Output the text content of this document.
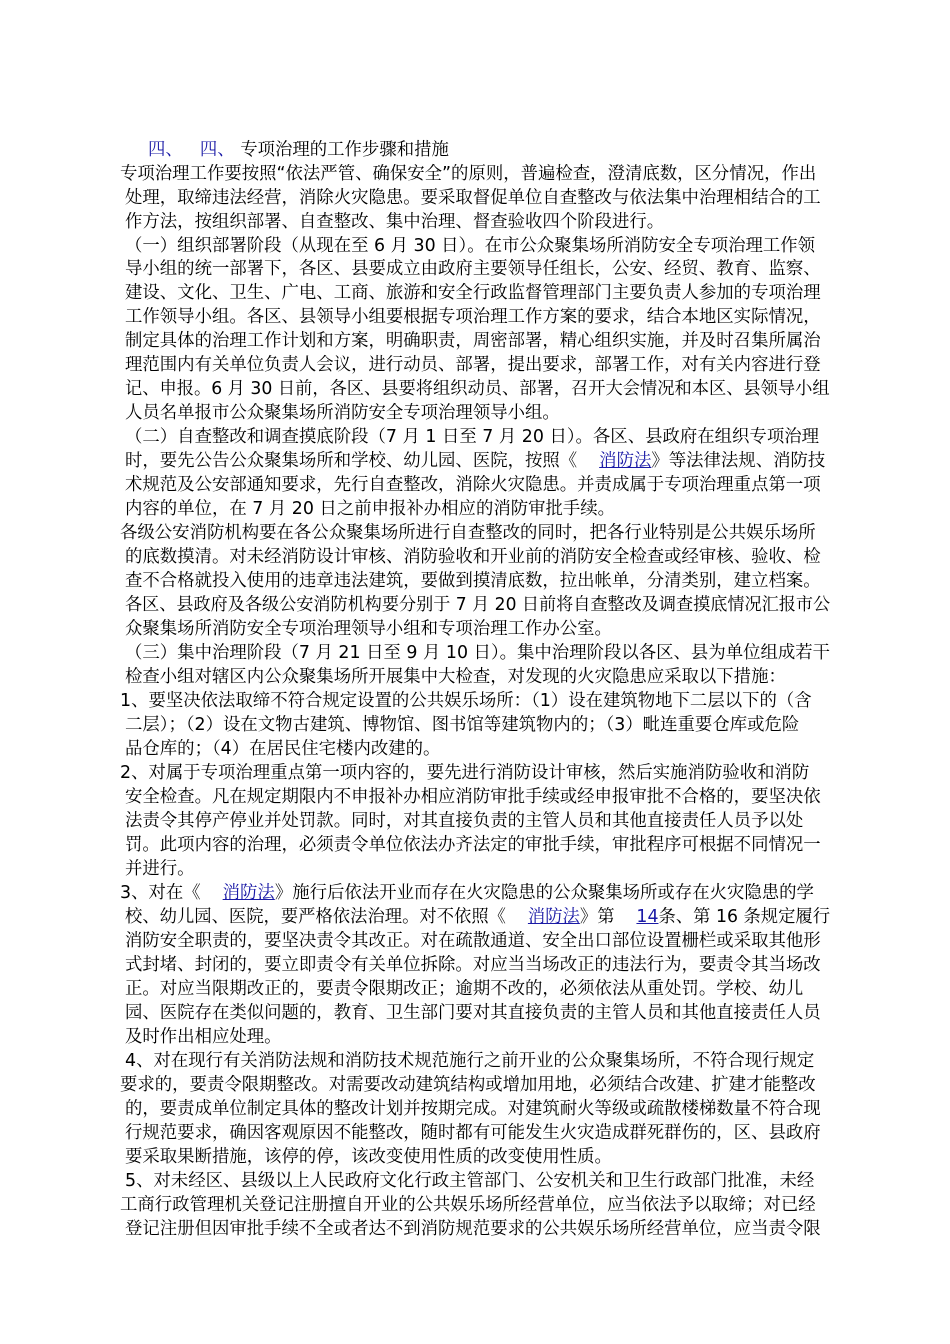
四、 四、 专项治理的工作步骤和措施
专项治理工作要按照“依法严管、确保安全”的原则，普遍检查，澄清底数，区分情况，作出
处理，取缔违法经营，消除火灾隐患。要采取督促单位自查整改与依法集中治理相结合的工
作方法，按组织部署、自查整改、集中治理、督查验收四个阶段进行。
（一）组织部署阶段（从现在至 6 月 30 日）。在市公众聚集场所消防安全专项治理工作领
导小组的统一部署下，各区、县要成立由政府主要领导任组长，公安、经贸、教育、监察、
建设、文化、卫生、广电、工商、旅游和安全行政监督管理部门主要负责人参加的专项治理
工作领导小组。各区、县领导小组要根据专项治理工作方案的要求，结合本地区实际情况，
制定具体的治理工作计划和方案，明确职责，周密部署，精心组织实施，并及时召集所属治
理范围内有关单位负责人会议，进行动员、部署，提出要求，部署工作，对有关内容进行登
记、申报。6 月 30 日前，各区、县要将组织动员、部署，召开大会情况和本区、县领导小组
人员名单报市公众聚集场所消防安全专项治理领导小组。
（二）自查整改和调查摸底阶段（7 月 1 日至 7 月 20 日）。各区、县政府在组织专项治理
时，要先公告公众聚集场所和学校、幼儿园、医院，按照《 消防法》等法律法规、消防技
术规范及公安部通知要求，先行自查整改，消除火灾隐患。并责成属于专项治理重点第一项
内容的单位，在 7 月 20 日之前申报补办相应的消防审批手续。
各级公安消防机构要在各公众聚集场所进行自查整改的同时，把各行业特别是公共娱乐场所
的底数摸清。对未经消防设计审核、消防验收和开业前的消防安全检查或经审核、验收、检
查不合格就投入使用的违章违法建筑，要做到摸清底数，拉出帐单，分清类别，建立档案。
各区、县政府及各级公安消防机构要分别于 7 月 20 日前将自查整改及调查摸底情况汇报市公
众聚集场所消防安全专项治理领导小组和专项治理工作办公室。
（三）集中治理阶段（7 月 21 日至 9 月 10 日）。集中治理阶段以各区、县为单位组成若干
检查小组对辖区内公众聚集场所开展集中大检查，对发现的火灾隐患应采取以下措施：
1、要坚决依法取缔不符合规定设置的公共娱乐场所：（1）设在建筑物地下二层以下的（含
二层）；（2）设在文物古建筑、博物馆、图书馆等建筑物内的；（3）毗连重要仓库或危险
品仓库的；（4）在居民住宅楼内改建的。
2、对属于专项治理重点第一项内容的，要先进行消防设计审核，然后实施消防验收和消防
安全检查。凡在规定期限内不申报补办相应消防审批手续或经申报审批不合格的，要坚决依
法责令其停产停业并处罚款。同时，对其直接负责的主管人员和其他直接责任人员予以处
罚。此项内容的治理，必须责令单位依法办齐法定的审批手续，审批程序可根据不同情况一
并进行。
3、对在《 消防法》施行后依法开业而存在火灾隐患的公众聚集场所或存在火灾隐患的学
校、幼儿园、医院，要严格依法治理。对不依照《 消防法》第 14条、第 16 条规定履行
消防安全职责的，要坚决责令其改正。对在疏散通道、安全出口部位设置栅栏或采取其他形
式封堵、封闭的，要立即责令有关单位拆除。对应当当场改正的违法行为，要责令其当场改
正。对应当限期改正的，要责令限期改正；逾期不改的，必须依法从重处罚。学校、幼儿
园、医院存在类似问题的，教育、卫生部门要对其直接负责的主管人员和其他直接责任人员
及时作出相应处理。
4、对在现行有关消防法规和消防技术规范施行之前开业的公众聚集场所，不符合现行规定
要求的，要责令限期整改。对需要改动建筑结构或增加用地，必须结合改建、扩建才能整改
的，要责成单位制定具体的整改计划并按期完成。对建筑耐火等级或疏散楼梯数量不符合现
行规范要求，确因客观原因不能整改，随时都有可能发生火灾造成群死群伤的，区、县政府
要采取果断措施，该停的停，该改变使用性质的改变使用性质。
5、对未经区、县级以上人民政府文化行政主管部门、公安机关和卫生行政部门批准，未经
工商行政管理机关登记注册擅自开业的公共娱乐场所经营单位，应当依法予以取缔；对已经
登记注册但因审批手续不全或者达不到消防规范要求的公共娱乐场所经营单位，应当责令限
